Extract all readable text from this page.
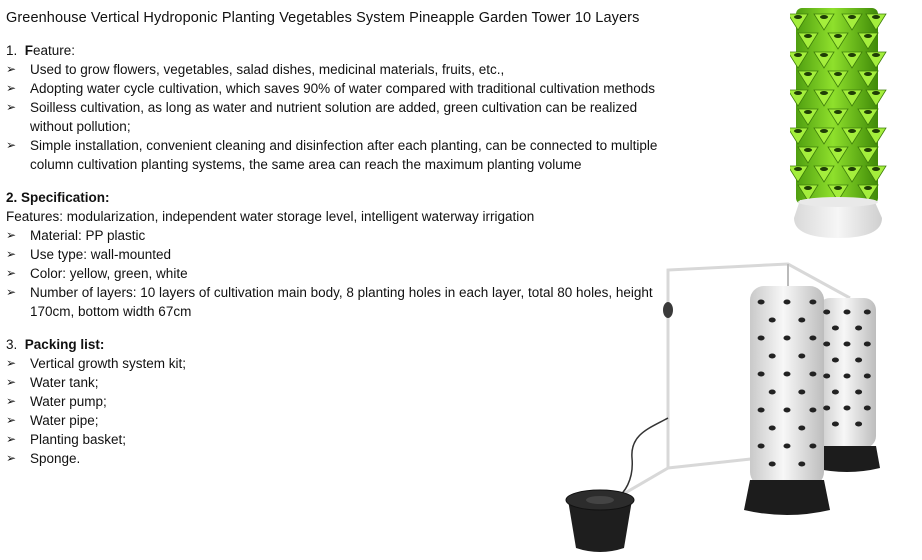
Greenhouse Vertical Hydroponic Planting Vegetables System Pineapple Garden Tower 10 Layers

1. Feature:

➢	Used to grow flowers, vegetables, salad dishes, medicinal materials, fruits, etc.,
➢	Adopting water cycle cultivation, which saves 90% of water compared with traditional cultivation methods
➢	Soilless cultivation, as long as water and nutrient solution are added, green cultivation can be realized without pollution;
➢	Simple installation, convenient cleaning and disinfection after each planting, can be connected to multiple column cultivation planting systems, the same area can reach the maximum planting volume

2. Specification:

Features: modularization, independent water storage level, intelligent waterway irrigation

➢	Material: PP plastic
➢	Use type: wall-mounted
➢	Color: yellow, green, white
➢	Number of layers: 10 layers of cultivation main body, 8 planting holes in each layer, total 80 holes, height 170cm, bottom width 67cm

3. Packing list:

➢	Vertical growth system kit;
➢	Water tank;
➢	Water pump;
➢	Water pipe;
➢	Planting basket;
➢	Sponge.
